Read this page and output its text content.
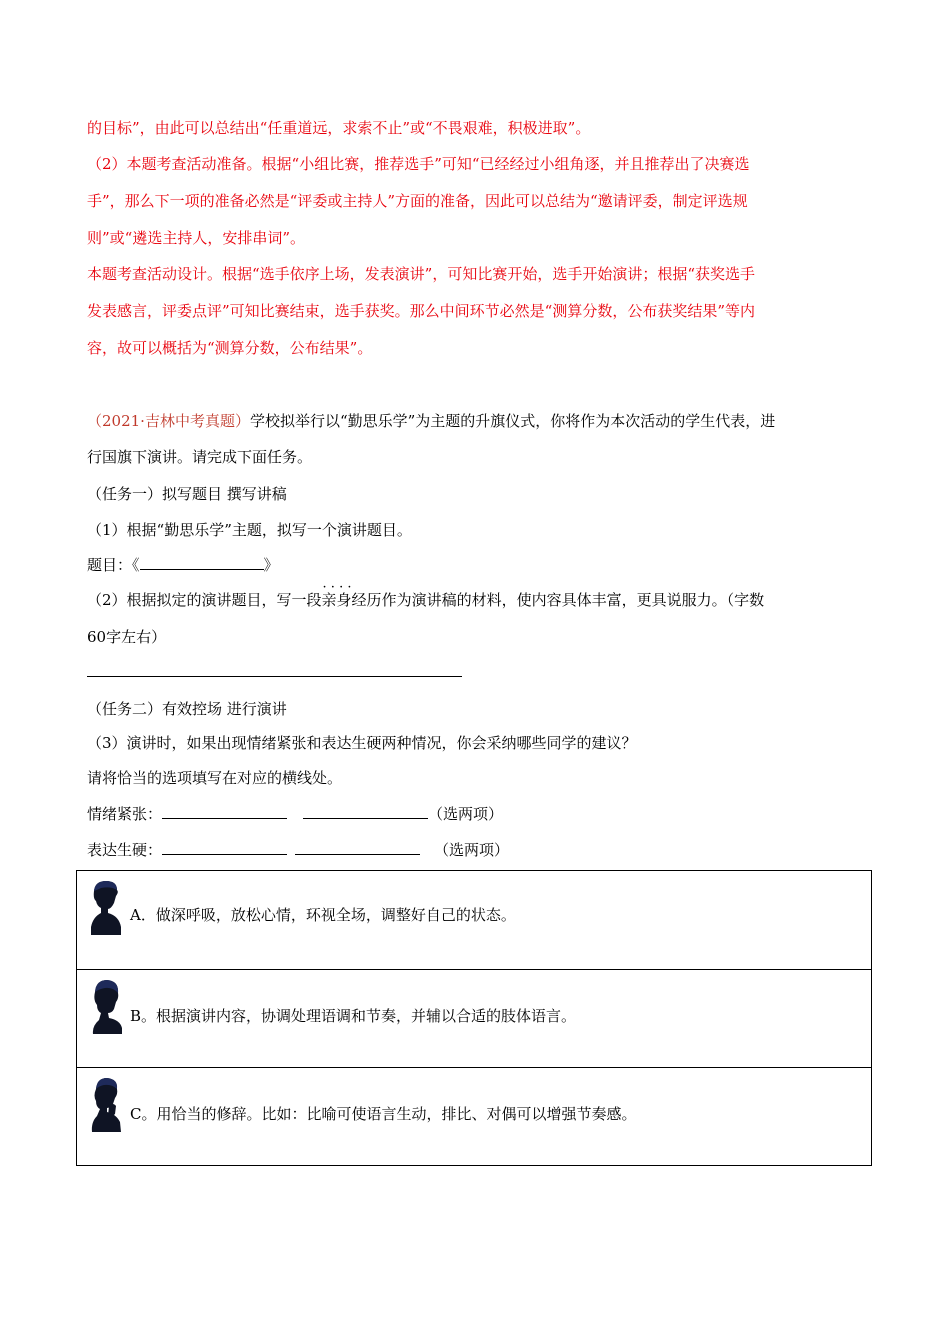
的目标”，由此可以总结出“任重道远，求索不止”或“不畏艰难，积极进取”。
（2）本题考查活动准备。根据“小组比赛，推荐选手”可知“已经经过小组角逐，并且推荐出了决赛选
手”，那么下一项的准备必然是“评委或主持人”方面的准备，因此可以总结为“邀请评委，制定评选规
则”或“遴选主持人，安排串词”。
本题考查活动设计。根据“选手依序上场，发表演讲”，可知比赛开始，选手开始演讲；根据“获奖选手
发表感言，评委点评”可知比赛结束，选手获奖。那么中间环节必然是“测算分数，公布获奖结果”等内
容，故可以概括为“测算分数，公布结果”。
（2021·吉林中考真题）学校拟举行以“勤思乐学”为主题的升旗仪式，你将作为本次活动的学生代表，进
行国旗下演讲。请完成下面任务。
（任务一）拟写题目 撰写讲稿
（1）根据“勤思乐学”主题，拟写一个演讲题目。
题目：《	》
（2）根据拟定的演讲题目，写一段· · · · 亲身经历作为演讲稿的材料，使内容具体丰富，更具说服力。（字数
60字左右）
（任务二）有效控场 进行演讲
（3）演讲时，如果出现情绪紧张和表达生硬两种情况，你会采纳哪些同学的建议？
请将恰当的选项填写在对应的横线处。
情绪紧张：	（选两项）
表达生硬：	（选两项）
A．做深呼吸，放松心情，环视全场，调整好自己的状态。
B。根据演讲内容，协调处理语调和节奏，并辅以合适的肢体语言。
C。用恰当的修辞。比如：比喻可使语言生动，排比、对偶可以增强节奏感。
